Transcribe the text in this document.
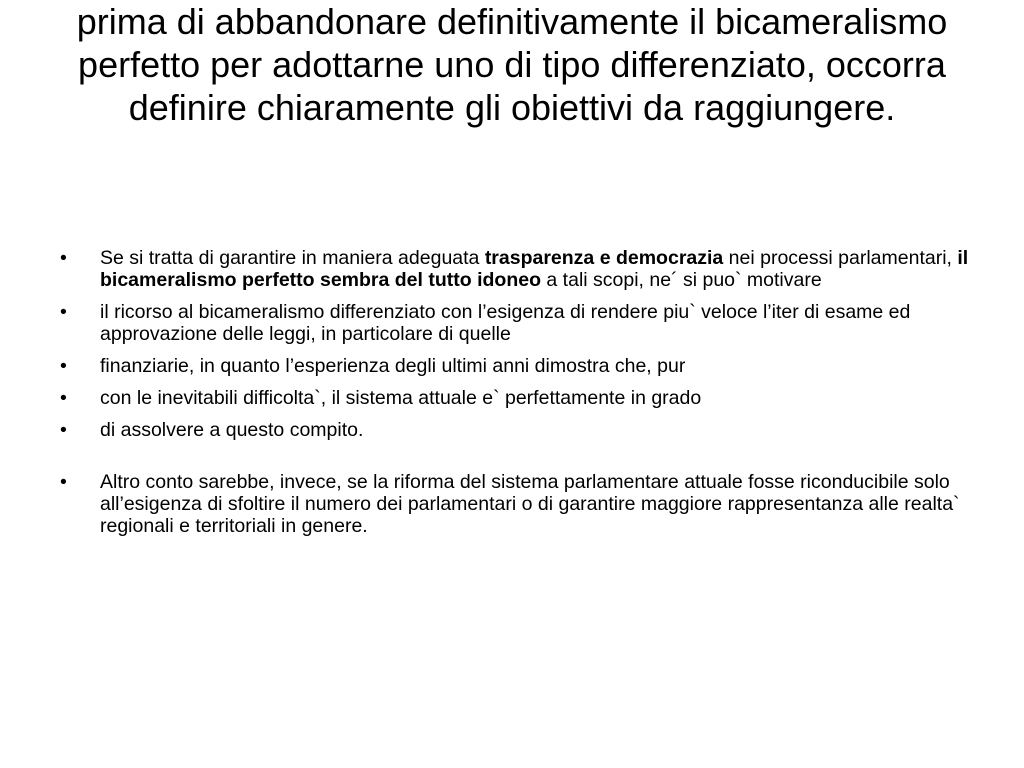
prima di abbandonare definitivamente il bicameralismo perfetto per adottarne uno di tipo differenziato, occorra definire chiaramente gli obiettivi da raggiungere.
•	Se si tratta di garantire in maniera adeguata trasparenza e democrazia nei processi parlamentari, il bicameralismo perfetto sembra del tutto idoneo a tali scopi, ne´ si puo` motivare
•	il ricorso al bicameralismo differenziato con l’esigenza di rendere piu` veloce l’iter di esame ed approvazione delle leggi, in particolare di quelle
•	finanziarie, in quanto l’esperienza degli ultimi anni dimostra che, pur
•	con le inevitabili difficolta`, il sistema attuale e` perfettamente in grado
•	di assolvere a questo compito.
•	Altro conto sarebbe, invece, se la riforma del sistema parlamentare attuale fosse riconducibile solo all’esigenza di sfoltire il numero dei parlamentari o di garantire maggiore rappresentanza alle realta` regionali e territoriali in genere.
